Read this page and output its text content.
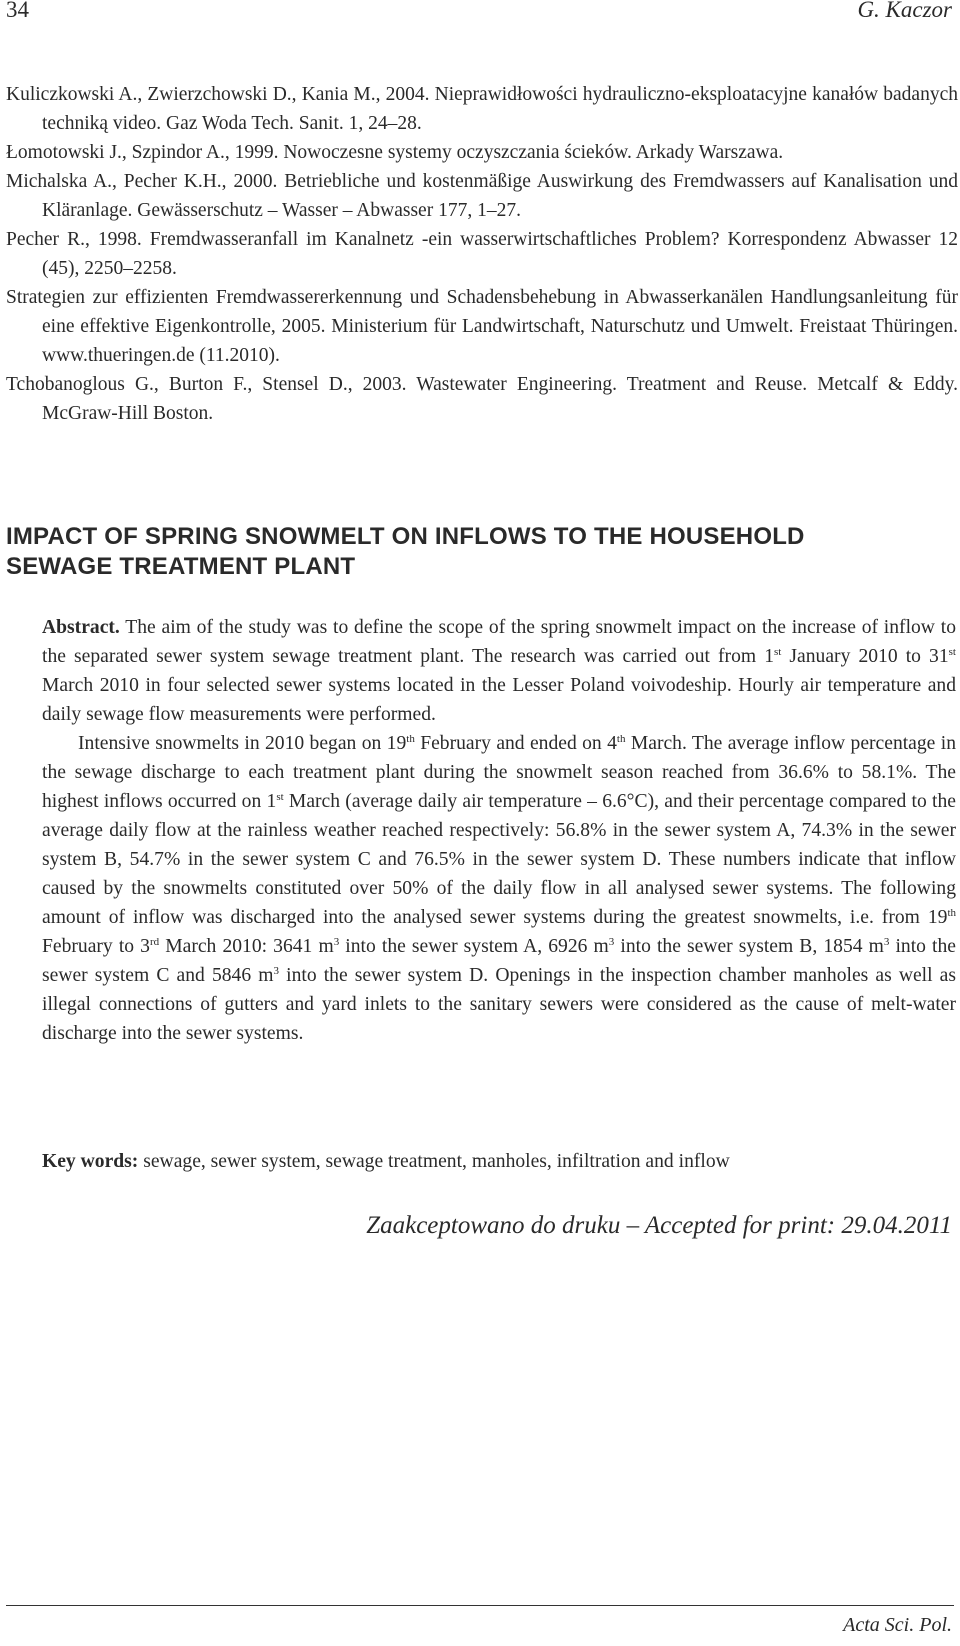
34	G. Kaczor

Kuliczkowski A., Zwierzchowski D., Kania M., 2004. Nieprawidłowości hydrauliczno-eksploatacyjne kanałów badanych techniką video. Gaz Woda Tech. Sanit. 1, 24–28.

Łomotowski J., Szpindor A., 1999. Nowoczesne systemy oczyszczania ścieków. Arkady Warszawa.

Michalska A., Pecher K.H., 2000. Betriebliche und kostenmäßige Auswirkung des Fremdwassers auf Kanalisation und Kläranlage. Gewässerschutz – Wasser – Abwasser 177, 1–27.

Pecher R., 1998. Fremdwasseranfall im Kanalnetz -ein wasserwirtschaftliches Problem? Korrespondenz Abwasser 12 (45), 2250–2258.

Strategien zur effizienten Fremdwassererkennung und Schadensbehebung in Abwasserkanälen Handlungsanleitung für eine effektive Eigenkontrolle, 2005. Ministerium für Landwirtschaft, Naturschutz und Umwelt. Freistaat Thüringen. www.thueringen.de (11.2010).

Tchobanoglous G., Burton F., Stensel D., 2003. Wastewater Engineering. Treatment and Reuse. Metcalf & Eddy. McGraw-Hill Boston.

IMPACT OF SPRING SNOWMELT ON INFLOWS TO THE HOUSEHOLD
SEWAGE TREATMENT PLANT

Abstract. The aim of the study was to define the scope of the spring snowmelt impact on the increase of inflow to the separated sewer system sewage treatment plant. The research was carried out from 1st January 2010 to 31st March 2010 in four selected sewer systems located in the Lesser Poland voivodeship. Hourly air temperature and daily sewage flow measurements were performed.

Intensive snowmelts in 2010 began on 19th February and ended on 4th March. The average inflow percentage in the sewage discharge to each treatment plant during the snowmelt season reached from 36.6% to 58.1%. The highest inflows occurred on 1st March (average daily air temperature – 6.6°C), and their percentage compared to the average daily flow at the rainless weather reached respectively: 56.8% in the sewer system A, 74.3% in the sewer system B, 54.7% in the sewer system C and 76.5% in the sewer system D. These numbers indicate that inflow caused by the snowmelts constituted over 50% of the daily flow in all analysed sewer systems. The following amount of inflow was discharged into the analysed sewer systems during the greatest snowmelts, i.e. from 19th February to 3rd March 2010: 3641 $m^3$ into the sewer system A, 6926 $m^3$ into the sewer system B, 1854 $m^3$ into the sewer system C and 5846 $m^3$ into the sewer system D. Openings in the inspection chamber manholes as well as illegal connections of gutters and yard inlets to the sanitary sewers were considered as the cause of melt-water discharge into the sewer systems.

Key words: sewage, sewer system, sewage treatment, manholes, infiltration and inflow
Zaakceptowano do druku – Accepted for print: 29.04.2011
Acta Sci. Pol.
